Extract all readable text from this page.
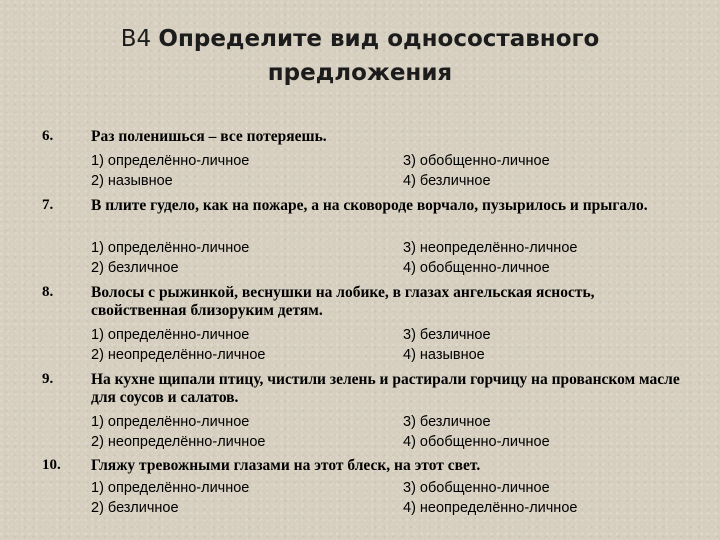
В4 Определите вид односоставного
предложения
6. Раз поленишься – все потеряешь.
1) определённо-личное	3) обобщенно-личное
2) назывное	4) безличное
7. В плите гудело, как на пожаре, а на сковороде ворчало, пузырилось и прыгало.
1) определённо-личное	3) неопределённо-личное
2) безличное	4) обобщенно-личное
8. Волосы с рыжинкой, веснушки на лобике, в глазах ангельская ясность, свойственная близоруким детям.
1) определённо-личное	3) безличное
2) неопределённо-личное	4) назывное
9. На кухне щипали птицу, чистили зелень и растирали горчицу на прованском масле для соусов и салатов.
1) определённо-личное	3) безличное
2) неопределённо-личное	4) обобщенно-личное
10. Гляжу тревожными глазами на этот блеск, на этот свет.
1) определённо-личное	3) обобщенно-личное
2) безличное	4) неопределённо-личное
